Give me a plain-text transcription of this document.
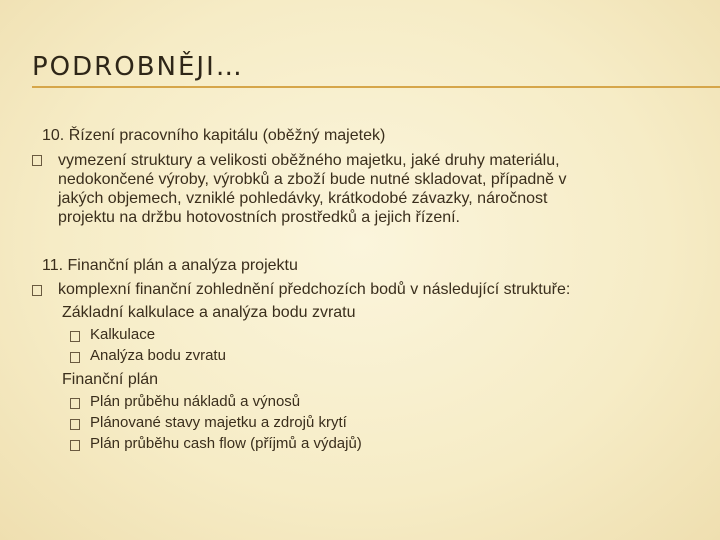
PODROBNĚJI…
10. Řízení pracovního kapitálu (oběžný majetek)
vymezení struktury a velikosti oběžného majetku, jaké druhy materiálu,
nedokončené výroby, výrobků a zboží bude nutné skladovat, případně v
jakých objemech, vzniklé pohledávky, krátkodobé závazky, náročnost
projektu na držbu hotovostních prostředků a jejich řízení.
11. Finanční plán a analýza projektu
komplexní finanční zohlednění předchozích bodů v následující struktuře:
Základní kalkulace a analýza bodu zvratu
Kalkulace
Analýza bodu zvratu
Finanční plán
Plán průběhu nákladů a výnosů
Plánované stavy majetku a zdrojů krytí
Plán průběhu cash flow (příjmů a výdajů)
